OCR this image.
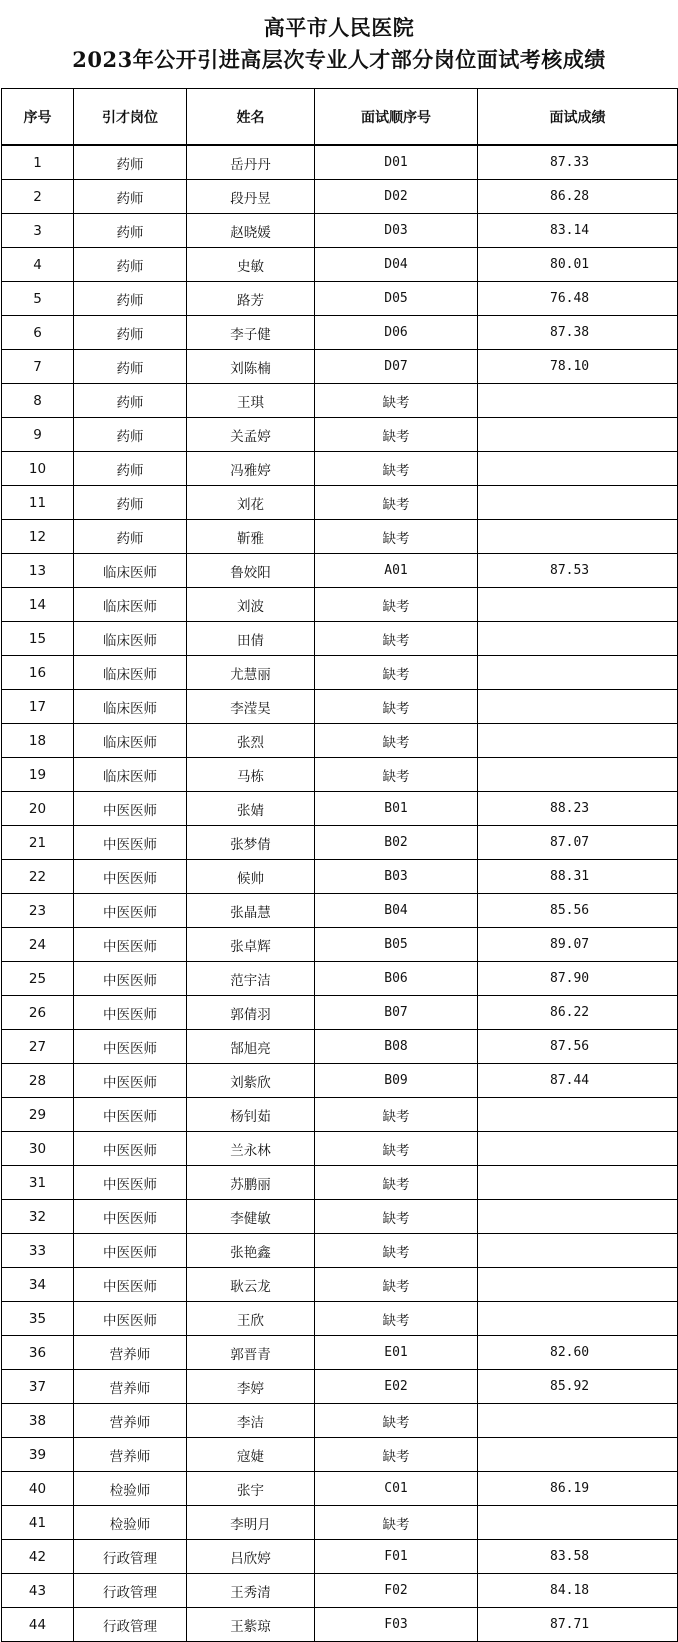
高平市人民医院
2023年公开引进高层次专业人才部分岗位面试考核成绩
序号	引才岗位	姓名	面试顺序号	面试成绩
1	药师	岳丹丹	D01	87.33
2	药师	段丹昱	D02	86.28
3	药师	赵晓媛	D03	83.14
4	药师	史敏	D04	80.01
5	药师	路芳	D05	76.48
6	药师	李子健	D06	87.38
7	药师	刘陈楠	D07	78.10
8	药师	王琪	缺考	
9	药师	关孟婷	缺考	
10	药师	冯雅婷	缺考	
11	药师	刘花	缺考	
12	药师	靳雅	缺考	
13	临床医师	鲁姣阳	A01	87.53
14	临床医师	刘波	缺考	
15	临床医师	田倩	缺考	
16	临床医师	尤慧丽	缺考	
17	临床医师	李滢昊	缺考	
18	临床医师	张烈	缺考	
19	临床医师	马栋	缺考	
20	中医医师	张婧	B01	88.23
21	中医医师	张梦倩	B02	87.07
22	中医医师	候帅	B03	88.31
23	中医医师	张晶慧	B04	85.56
24	中医医师	张卓辉	B05	89.07
25	中医医师	范宇洁	B06	87.90
26	中医医师	郭倩羽	B07	86.22
27	中医医师	郜旭亮	B08	87.56
28	中医医师	刘紫欣	B09	87.44
29	中医医师	杨钊茹	缺考	
30	中医医师	兰永林	缺考	
31	中医医师	苏鹏丽	缺考	
32	中医医师	李健敏	缺考	
33	中医医师	张艳鑫	缺考	
34	中医医师	耿云龙	缺考	
35	中医医师	王欣	缺考	
36	营养师	郭晋青	E01	82.60
37	营养师	李婷	E02	85.92
38	营养师	李洁	缺考	
39	营养师	寇婕	缺考	
40	检验师	张宇	C01	86.19
41	检验师	李明月	缺考	
42	行政管理	吕欣婷	F01	83.58
43	行政管理	王秀清	F02	84.18
44	行政管理	王紫琼	F03	87.71
